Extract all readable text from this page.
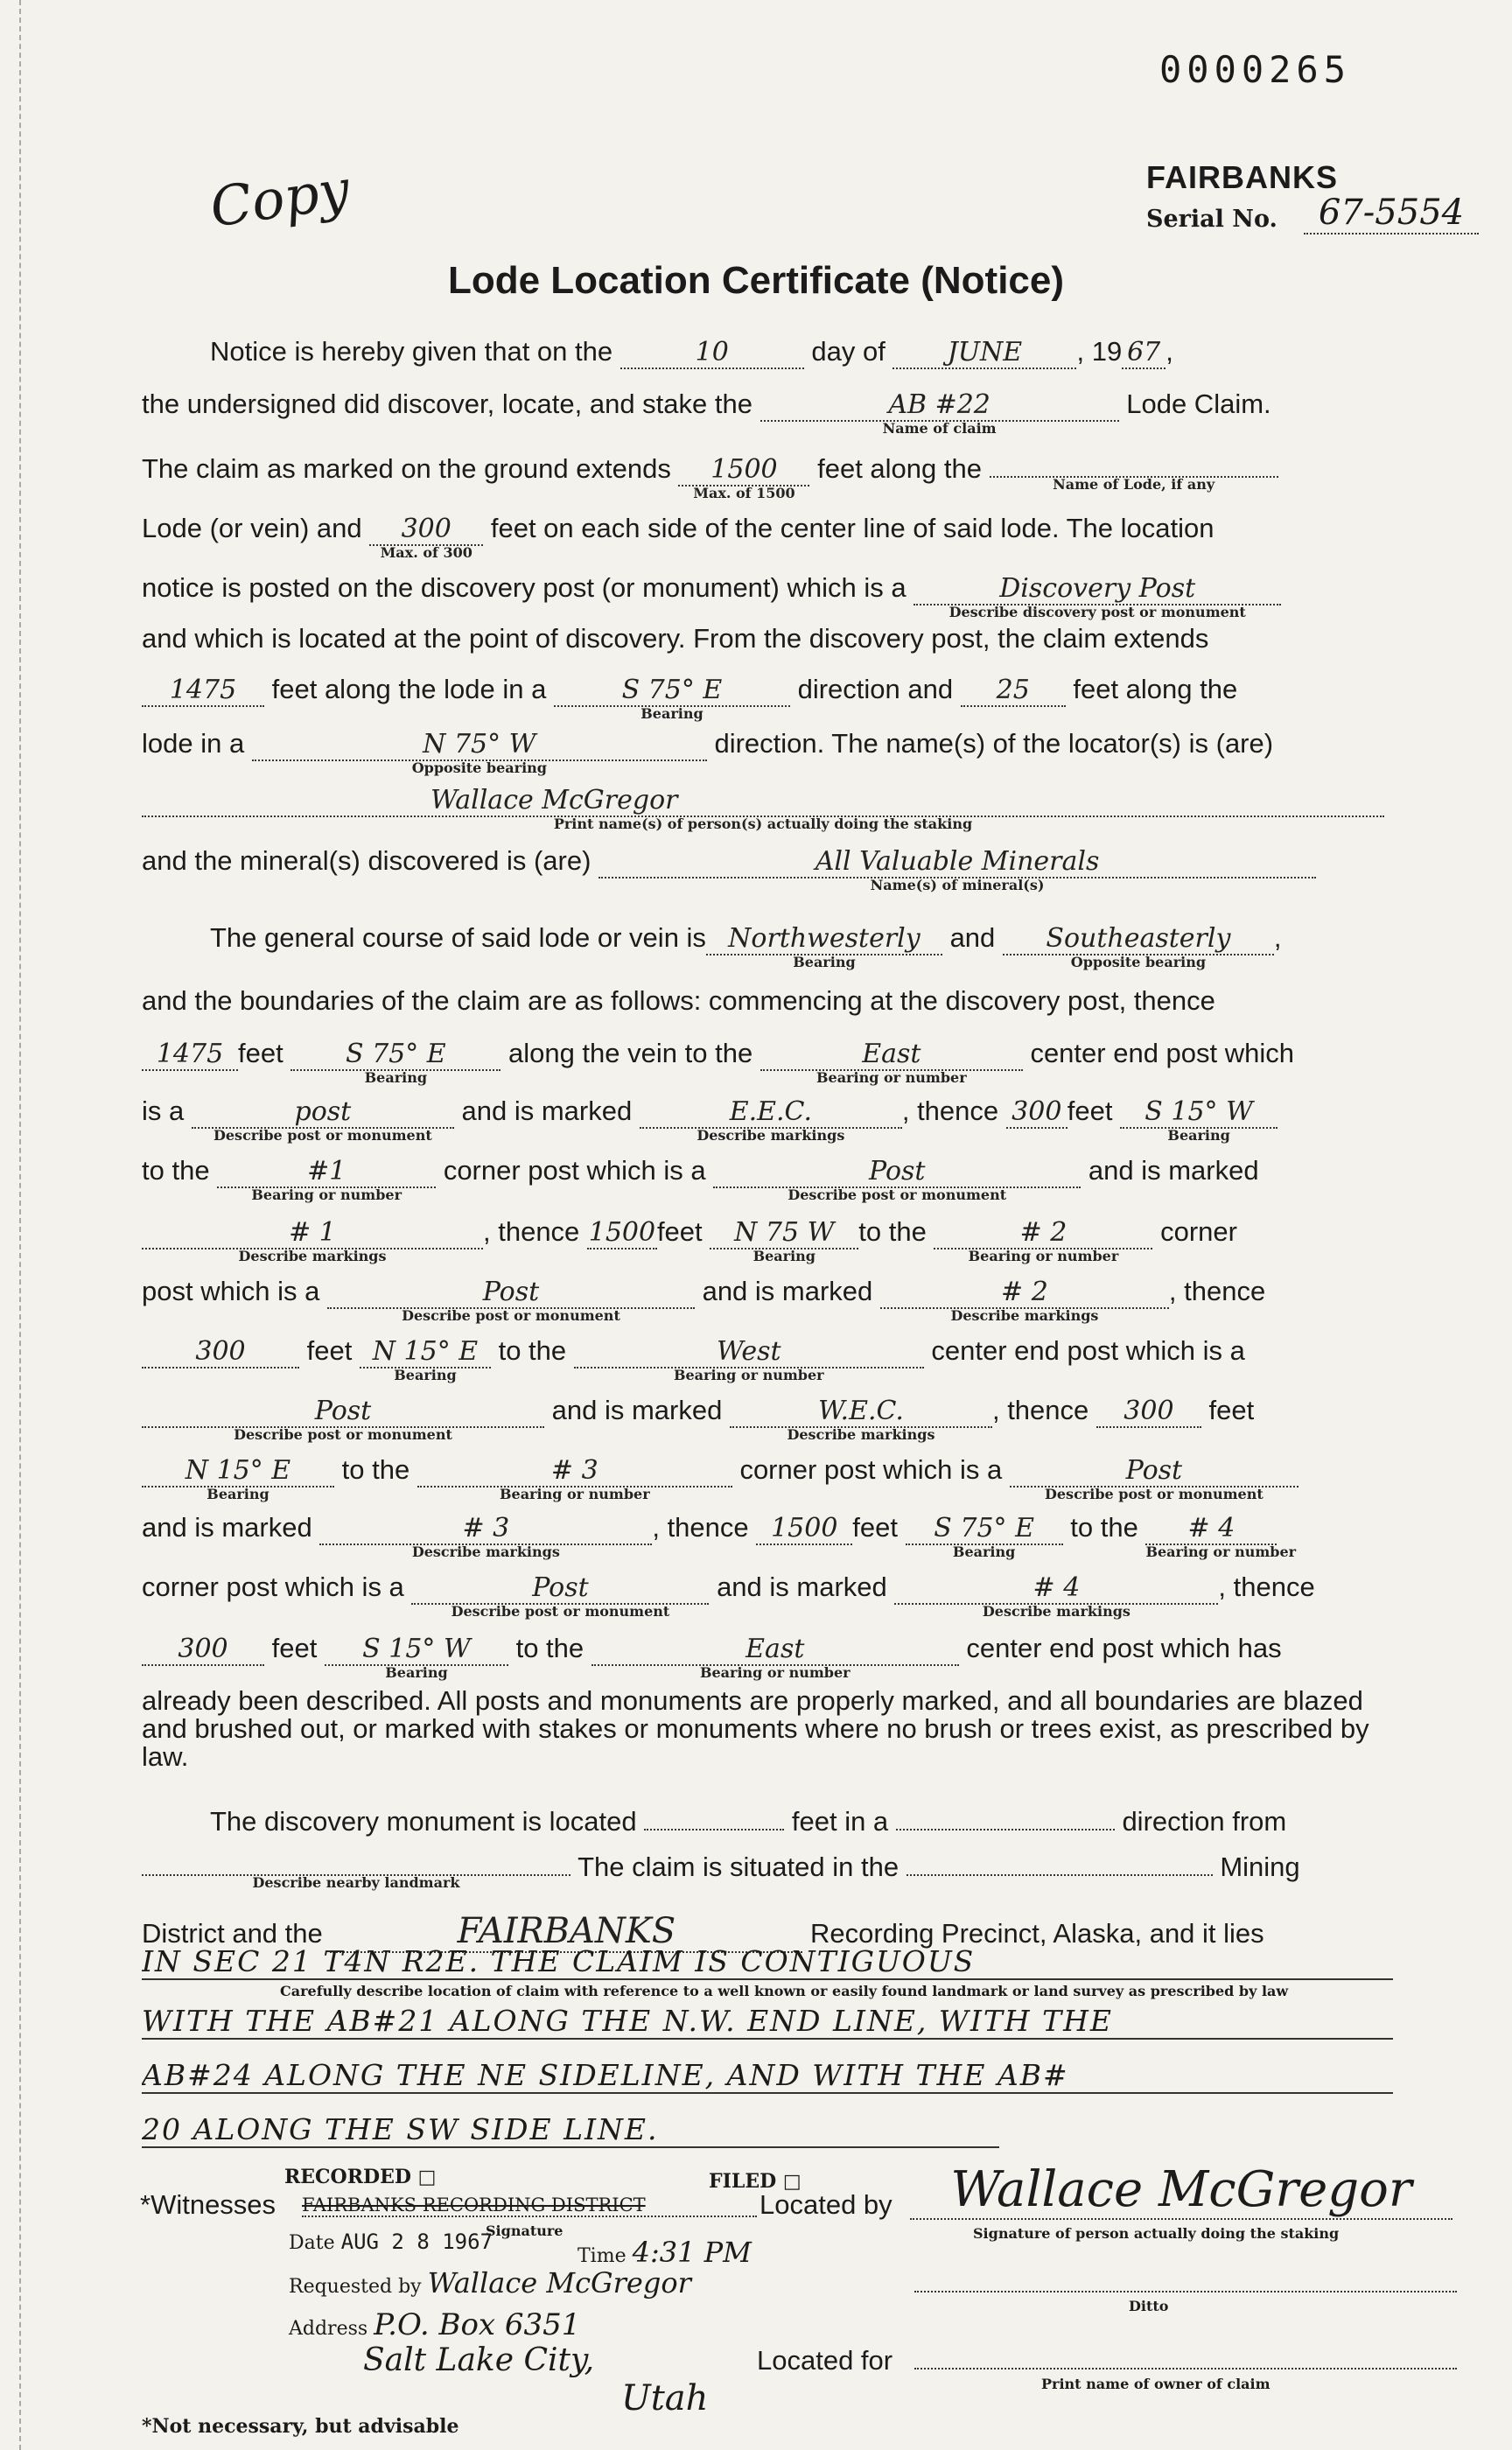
0000265
Copy	FAIRBANKS
Serial No.	67-5554
Lode Location Certificate (Notice)
Notice is hereby given that on the	10	day of JUNE , 19 67 ,
the undersigned did discover, locate, and stake the	AB #22
Name of claim
Lode Claim.
The claim as marked on the ground extends 1500
Max. of 1500
feet along the
Name of Lode, if any
Lode (or vein) and 300
Max. of 300
feet on each side of the center line of said lode. The location
notice is posted on the discovery post (or monument) which is a	Discovery Post
Describe discovery post or monument
and which is located at the point of discovery. From the discovery post, the claim extends
1475 feet along the lode in a	S 75° E
Bearing
direction and 25 feet along the
lode in a	N 75° W
Opposite bearing
direction. The name(s) of the locator(s) is (are)
Wallace McGregor
Print name(s) of person(s) actually doing the staking
and the mineral(s) discovered is (are)	All Valuable Minerals
Name(s) of mineral(s)
The general course of said lode or vein is Northwesterly
Bearing
and Southeasterly
Opposite bearing
,
and the boundaries of the claim are as follows: commencing at the discovery post, thence
1475 feet S 75° E
Bearing
along the vein to the	East
Bearing or number
center end post which
is a	post
Describe post or monument
and is marked	E.E.C.
Describe markings
, thence 300 feet S 15° W
Bearing
to the	#1
Bearing or number
corner post which is a	Post
Describe post or monument
and is marked
# 1
Describe markings
, thence 1500feet N 75 W
Bearing
to the	# 2
Bearing or number
corner
post which is a	Post
Describe post or monument
and is marked	# 2
Describe markings
, thence
300 feet N 15° E
Bearing
to the	West
Bearing or number
center end post which is a
Post
Describe post or monument
and is marked	W.E.C.
Describe markings
, thence 300 feet
N 15° E
Bearing
to the	# 3
Bearing or number
corner post which is a	Post
Describe post or monument
and is marked	# 3
Describe markings
, thence 1500 feet S 75° E
Bearing
to the # 4
Bearing or number
corner post which is a	Post
Describe post or monument
and is marked	# 4
Describe markings
, thence
300 feet S 15° W
Bearing
to the	East
Bearing or number
center end post which has
already been described. All posts and monuments are properly marked, and all boundaries are blazed and brushed out, or marked with stakes or monuments where no brush or trees exist, as prescribed by law.
The discovery monument is located	feet in a	direction from
Describe nearby landmark
The claim is situated in the	Mining
District and the	FAIRBANKS	Recording Precinct, Alaska, and it lies
IN SEC 21 T4N R2E. THE CLAIM IS CONTIGUOUS
Carefully describe location of claim with reference to a well known or easily found landmark or land survey as prescribed by law
WITH THE AB#21 ALONG THE N.W. END LINE, WITH THE
AB#24 ALONG THE NE SIDELINE, AND WITH THE AB#
20 ALONG THE SW SIDE LINE.
RECORDED □	FILED □
*Witnesses FAIRBANKS RECORDING DISTRICT
Signature
Located by	Wallace McGregor
Signature of person actually doing the staking
Date AUG 2 8 1967
Time 4:31 PM
Requested by Wallace McGregor
Ditto
Address P.O. Box 6351
Salt Lake City,	Located for
Print name of owner of claim
Utah
*Not necessary, but advisable
